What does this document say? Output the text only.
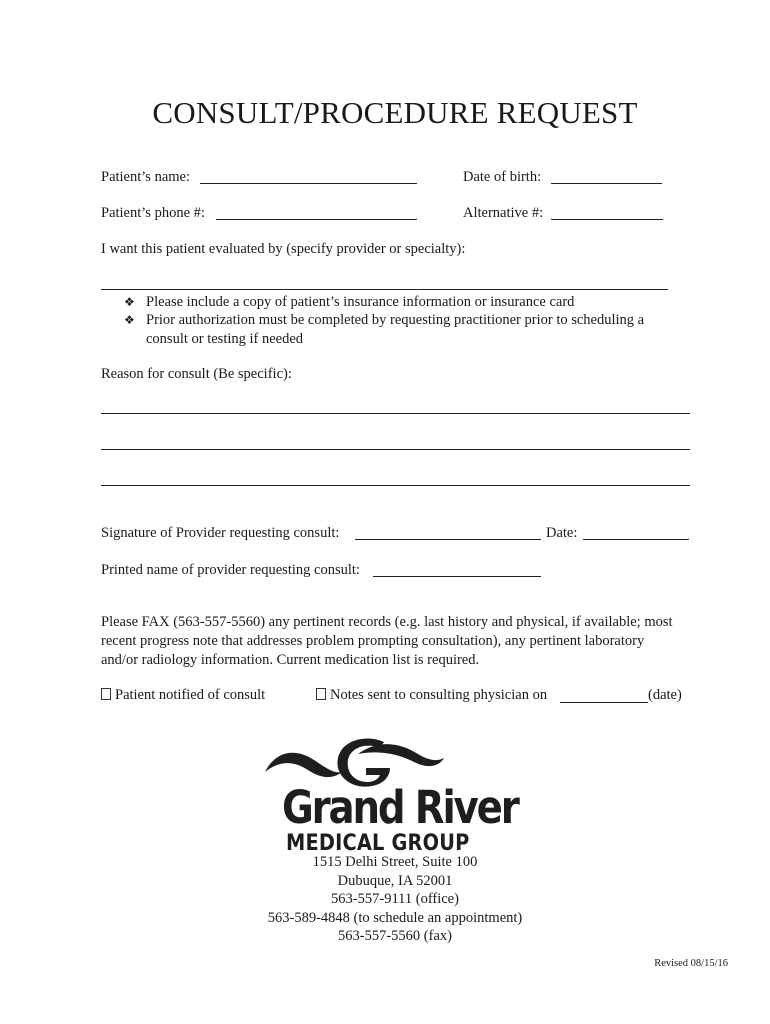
CONSULT/PROCEDURE REQUEST
Patient’s name:	Date of birth:
Patient’s phone #:	Alternative #:
I want this patient evaluated by (specify provider or specialty):
❖ Please include a copy of patient’s insurance information or insurance card
❖ Prior authorization must be completed by requesting practitioner prior to scheduling a
consult or testing if needed
Reason for consult (Be specific):
Signature of Provider requesting consult:	Date:
Printed name of provider requesting consult:
Please FAX (563-557-5560) any pertinent records (e.g. last history and physical, if available; most recent progress note that addresses problem prompting consultation), any pertinent laboratory and/or radiology information. Current medication list is required.
Patient notified of consult	Notes sent to consulting physician on	(date)
Grand River
MEDICAL GROUP
1515 Delhi Street, Suite 100
Dubuque, IA 52001
563-557-9111 (office)
563-589-4848 (to schedule an appointment)
563-557-5560 (fax)
Revised 08/15/16
